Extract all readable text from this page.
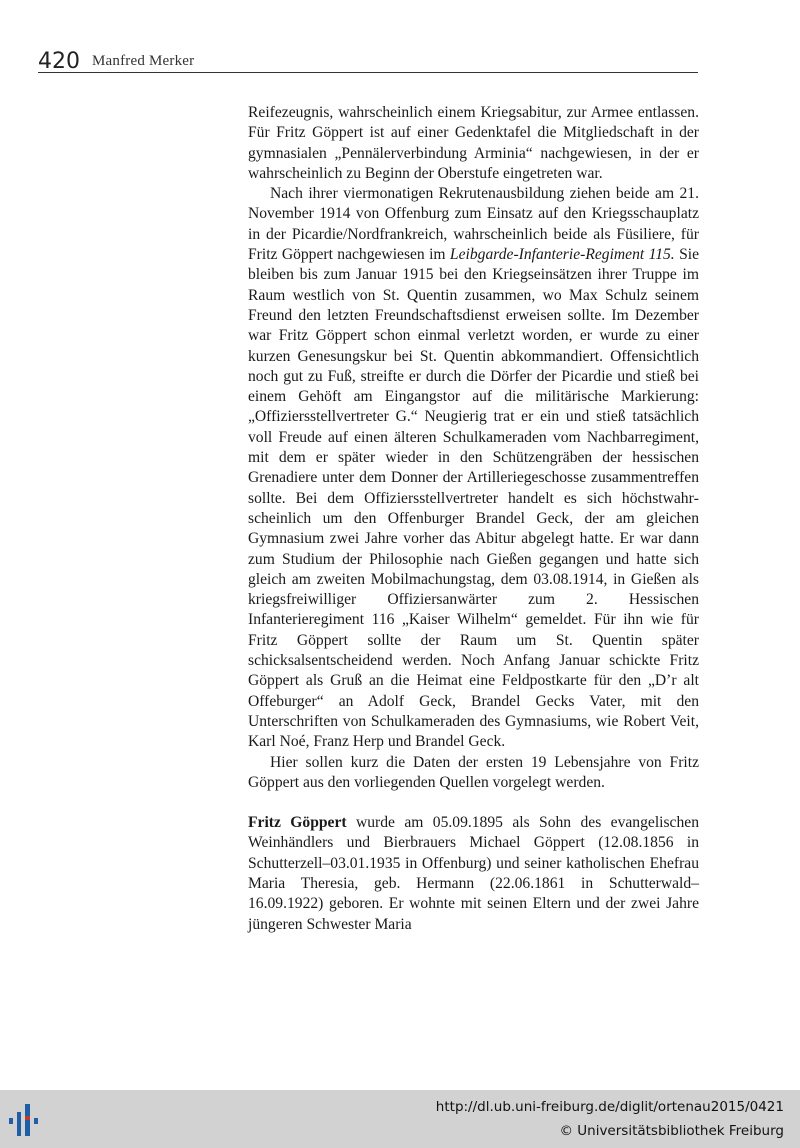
420 Manfred Merker

Reifezeugnis, wahrscheinlich einem Kriegsabitur, zur Armee entlassen. Für Fritz Göppert ist auf einer Gedenktafel die Mitgliedschaft in der gymnasialen „Pennälerverbindung Arminia“ nachgewiesen, in der er wahrscheinlich zu Beginn der Oberstufe eingetreten war.

Nach ihrer viermonatigen Rekrutenausbildung ziehen beide am 21. November 1914 von Offenburg zum Einsatz auf den Kriegsschauplatz in der Picardie/Nordfrankreich, wahrscheinlich beide als Füsiliere, für Fritz Göppert nachgewiesen im Leibgarde-Infanterie-Regiment 115. Sie bleiben bis zum Januar 1915 bei den Kriegseinsätzen ihrer Truppe im Raum westlich von St. Quentin zusammen, wo Max Schulz seinem Freund den letzten Freundschaftsdienst erweisen sollte. Im Dezember war Fritz Göppert schon einmal verletzt worden, er wurde zu einer kurzen Genesungskur bei St. Quentin abkommandiert. Offensichtlich noch gut zu Fuß, streifte er durch die Dörfer der Picardie und stieß bei einem Gehöft am Eingangstor auf die militärische Markierung: „Offiziersstellvertreter G.“ Neugierig trat er ein und stieß tatsächlich voll Freude auf einen älteren Schulkameraden vom Nachbarregiment, mit dem er später wieder in den Schützengräben der hessischen Grenadiere unter dem Donner der Artilleriegeschosse zusammentreffen sollte. Bei dem Offiziersstellvertreter handelt es sich höchstwahrscheinlich um den Offenburger Brandel Geck, der am gleichen Gymnasium zwei Jahre vorher das Abitur abgelegt hatte. Er war dann zum Studium der Philosophie nach Gießen gegangen und hatte sich gleich am zweiten Mobilmachungstag, dem 03.08.1914, in Gießen als kriegsfreiwilliger Offiziersanwärter zum 2. Hessischen Infanterieregiment 116 „Kaiser Wilhelm“ gemeldet. Für ihn wie für Fritz Göppert sollte der Raum um St. Quentin später schicksalsentscheidend werden. Noch Anfang Januar schickte Fritz Göppert als Gruß an die Heimat eine Feldpostkarte für den „D’r alt Offeburger“ an Adolf Geck, Brandel Gecks Vater, mit den Unterschriften von Schulkameraden des Gymnasiums, wie Robert Veit, Karl Noé, Franz Herp und Brandel Geck.

Hier sollen kurz die Daten der ersten 19 Lebensjahre von Fritz Göppert aus den vorliegenden Quellen vorgelegt werden.

Fritz Göppert wurde am 05.09.1895 als Sohn des evangelischen Weinhändlers und Bierbrauers Michael Göppert (12.08.1856 in Schutterzell–03.01.1935 in Offenburg) und seiner katholischen Ehefrau Maria Theresia, geb. Hermann (22.06.1861 in Schutterwald–16.09.1922) geboren. Er wohnte mit seinen Eltern und der zwei Jahre jüngeren Schwester Maria

http://dl.ub.uni-freiburg.de/diglit/ortenau2015/0421
© Universitätsbibliothek Freiburg
